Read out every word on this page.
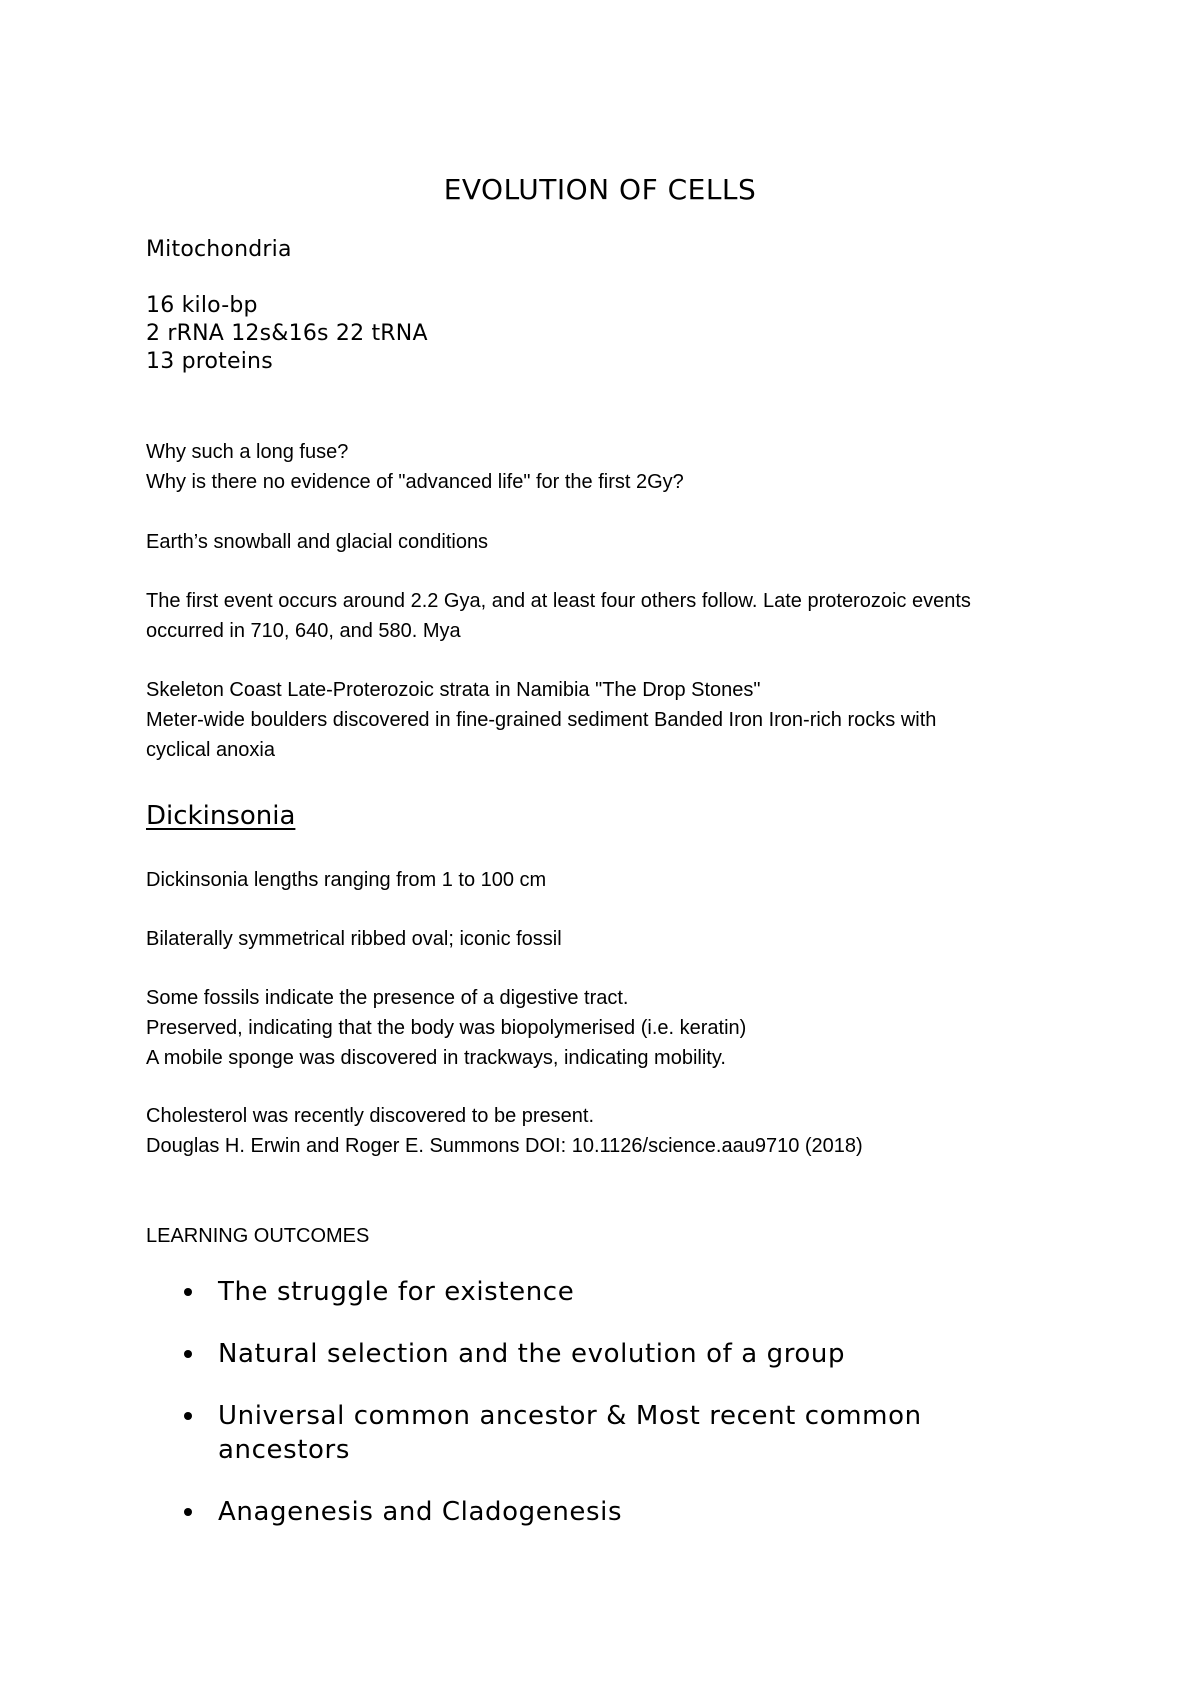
EVOLUTION OF CELLS
Mitochondria
16 kilo-bp
2 rRNA 12s&16s 22 tRNA
13 proteins

Why such a long fuse?

Why is there no evidence of "advanced life" for the first 2Gy?

Earth’s snowball and glacial conditions

The first event occurs around 2.2 Gya, and at least four others follow. Late proterozoic events

occurred in 710, 640, and 580. Mya

Skeleton Coast Late-Proterozoic strata in Namibia "The Drop Stones"

Meter-wide boulders discovered in fine-grained sediment Banded Iron Iron-rich rocks with

cyclical anoxia

Dickinsonia

Dickinsonia lengths ranging from 1 to 100 cm

Bilaterally symmetrical ribbed oval; iconic fossil

Some fossils indicate the presence of a digestive tract.

Preserved, indicating that the body was biopolymerised (i.e. keratin)

A mobile sponge was discovered in trackways, indicating mobility.

Cholesterol was recently discovered to be present.

Douglas H. Erwin and Roger E. Summons DOI: 10.1126/science.aau9710 (2018)

LEARNING OUTCOMES

The struggle for existence
Natural selection and the evolution of a group
Universal common ancestor & Most recent common ancestors
Anagenesis and Cladogenesis
